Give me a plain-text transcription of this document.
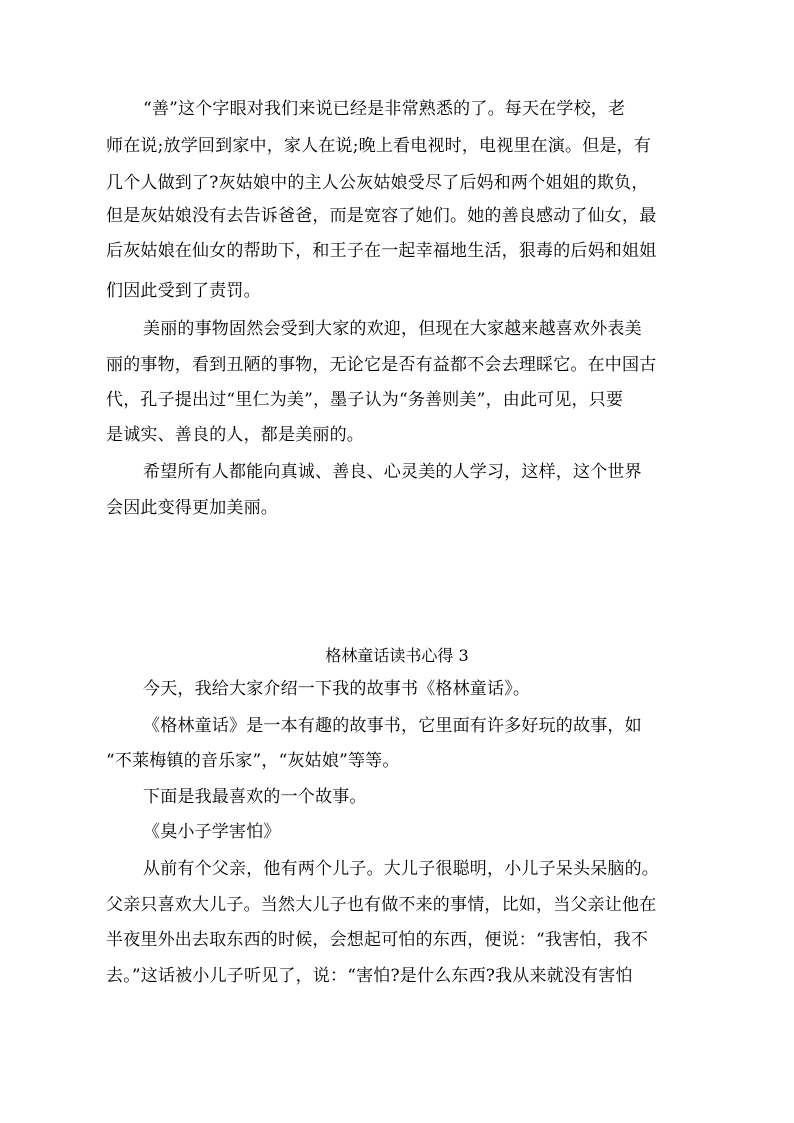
“善”这个字眼对我们来说已经是非常熟悉的了。每天在学校，老
师在说;放学回到家中，家人在说;晚上看电视时，电视里在演。但是，有
几个人做到了?灰姑娘中的主人公灰姑娘受尽了后妈和两个姐姐的欺负，
但是灰姑娘没有去告诉爸爸，而是宽容了她们。她的善良感动了仙女，最
后灰姑娘在仙女的帮助下，和王子在一起幸福地生活，狠毒的后妈和姐姐
们因此受到了责罚。
美丽的事物固然会受到大家的欢迎，但现在大家越来越喜欢外表美
丽的事物，看到丑陋的事物，无论它是否有益都不会去理睬它。在中国古
代，孔子提出过“里仁为美”，墨子认为“务善则美”，由此可见，只要
是诚实、善良的人，都是美丽的。
希望所有人都能向真诚、善良、心灵美的人学习，这样，这个世界
会因此变得更加美丽。
格林童话读书心得 3
今天，我给大家介绍一下我的故事书《格林童话》。
《格林童话》是一本有趣的故事书，它里面有许多好玩的故事，如
“不莱梅镇的音乐家”，“灰姑娘”等等。
下面是我最喜欢的一个故事。
《臭小子学害怕》
从前有个父亲，他有两个儿子。大儿子很聪明，小儿子呆头呆脑的。
父亲只喜欢大儿子。当然大儿子也有做不来的事情，比如，当父亲让他在
半夜里外出去取东西的时候，会想起可怕的东西，便说：“我害怕，我不
去。”这话被小儿子听见了，说：“害怕?是什么东西?我从来就没有害怕
